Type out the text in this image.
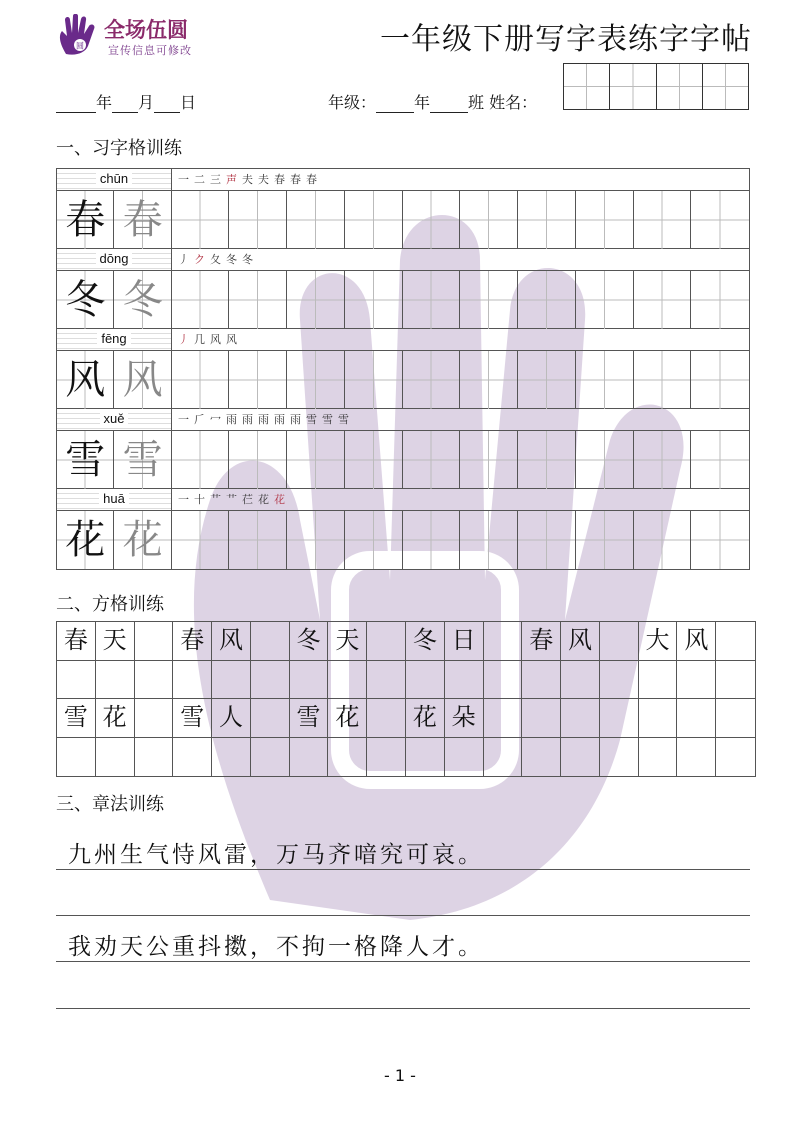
圆
全场伍圆
宣传信息可修改	一年级下册写字表练字字帖
年 月 日	年级： 年 班 姓名：
一、习字格训练
chūn	一二三声夫夫春春春
春 春
dōng	丿ク夂冬冬
冬 冬
fēng	丿几风风
风 风
xuě	一𠂆冖雨雨雨雨雨雪雪雪
雪 雪
huā	一十艹艹芢花花
花 花
二、方格训练
春 天	春 风	冬 天	冬 日	春 风	大 风
雪 花	雪 人	雪 花	花 朵
三、章法训练
九州生气恃风雷，万马齐喑究可哀。
我劝天公重抖擞，不拘一格降人才。
- 1 -
